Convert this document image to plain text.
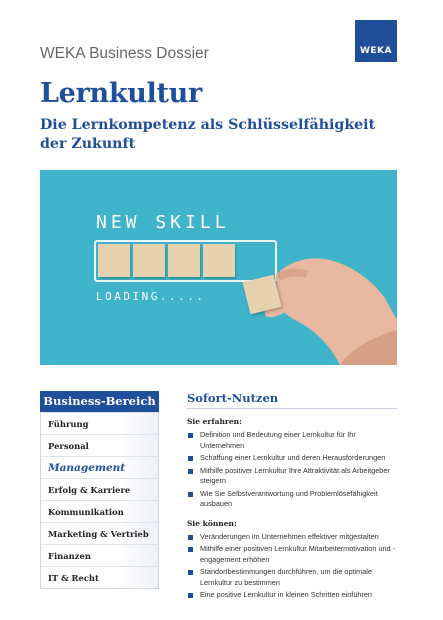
WEKA
WEKA Business Dossier
Lernkultur
Die Lernkompetenz als Schlüsselfähigkeit der Zukunft
NEW SKILL
LOADING.....
Business-Bereich
Führung
Personal
Management
Erfolg & Karriere
Kommunikation
Marketing & Vertrieb
Finanzen
IT & Recht
Sofort-Nutzen
Sie erfahren:
Definition und Bedeutung einer Lernkultur für Ihr Unternehmen
Schaffung einer Lernkultur und deren Herausforderungen
Mithilfe positiver Lernkultur Ihre Attraktivität als Arbeitgeber steigern
Wie Sie Selbstverantwortung und Problemlösefähigkeit ausbauen
Sie können:
Veränderungen im Unternehmen effektiver mitgestalten
Mithilfe einer positiven Lernkultur Mitarbeitermotivation und -engagement erhöhen
Standortbestimmungen durchführen, um die optimale Lernkultur zu bestimmen
Eine positive Lernkultur in kleinen Schritten einführen
